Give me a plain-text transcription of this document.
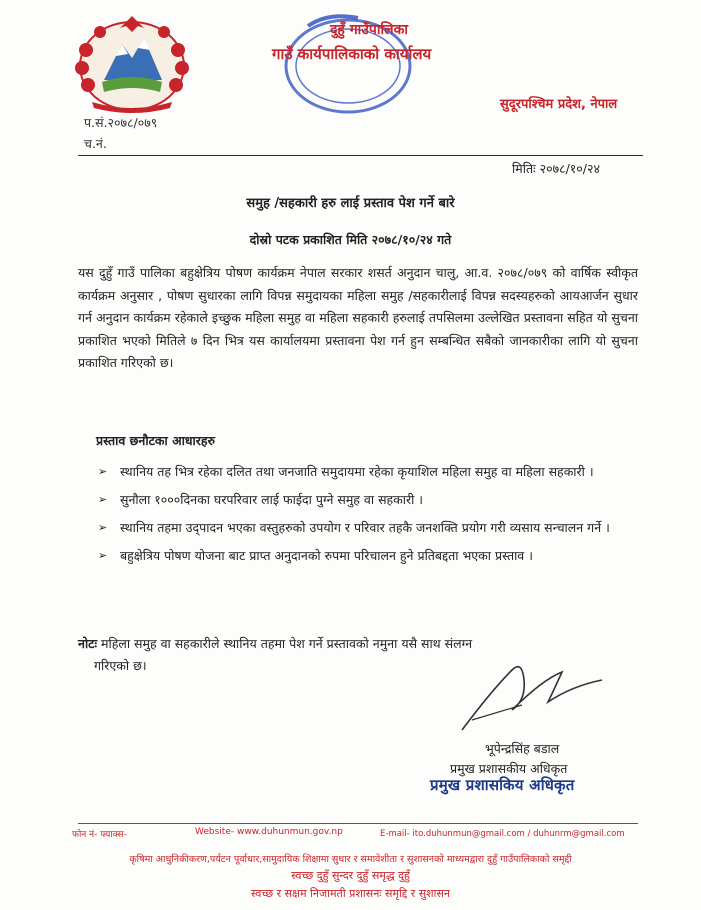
दुहुँ गाउँपालिका
गाउँ कार्यपालिकाको कार्यालय
सुदूरपश्चिम प्रदेश, नेपाल
प.सं.२०७८/०७९
च.नं.
मितिः २०७८/१०/२४
समुह /सहकारी हरु लाई प्रस्ताव पेश गर्ने बारे
दोस्रो पटक प्रकाशित मिति २०७८/१०/२४ गते
यस दुहुँ गाउँ पालिका बहुक्षेत्रिय पोषण कार्यक्रम नेपाल सरकार शसर्त अनुदान चालु, आ.व. २०७८/०७९ को वार्षिक स्वीकृत कार्यक्रम अनुसार , पोषण सुधारका लागि विपन्न समुदायका महिला समुह /सहकारीलाई विपन्न सदस्यहरुको आयआर्जन सुधार गर्न अनुदान कार्यक्रम रहेकाले इच्छुक महिला समुह वा महिला सहकारी हरुलाई तपसिलमा उल्लेखित प्रस्तावना सहित यो सुचना प्रकाशित भएको मितिले ७ दिन भित्र यस कार्यालयमा प्रस्तावना पेश गर्न हुन सम्बन्धित सबैको जानकारीका लागि यो सुचना प्रकाशित गरिएको छ।
प्रस्ताव छनौटका आधारहरु
➢ स्थानिय तह भित्र रहेका दलित तथा जनजाति समुदायमा रहेका कृयाशिल महिला समुह वा महिला सहकारी ।
➢ सुनौला १०००दिनका घरपरिवार लाई फाईदा पुग्ने समुह वा सहकारी ।
➢ स्थानिय तहमा उद्पादन भएका वस्तुहरुको उपयोग र परिवार तहकै जनशक्ति प्रयोग गरी व्यसाय सन्चालन गर्ने ।
➢ बहुक्षेत्रिय पोषण योजना बाट प्राप्त अनुदानको रुपमा परिचालन हुने प्रतिबद्दता भएका प्रस्ताव ।
नोटः महिला समुह वा सहकारीले स्थानिय तहमा पेश गर्ने प्रस्तावको नमुना यसै साथ संलग्न
गरिएको छ।
भूपेन्द्रसिंह बडाल
प्रमुख प्रशासकीय अधिकृत
प्रमुख प्रशासकिय अधिकृत
फोन नं- फ्याक्स-	Website- www.duhunmun.gov.np	E-mail- ito.duhunmun@gmail.com / duhunrm@gmail.com
कृषिमा आधुनिकीकरण,पर्यटन पूर्वाधार,सामुदायिक शिक्षामा सुधार र समावेशीता र सुशासनको माध्यमद्वारा दुहुँ गाउँपालिकाको समृद्दी
स्वच्छ दुहुँ सुन्दर दुहुँ समृद्ध दुहुँ
स्वच्छ र सक्षम निजामती प्रशासनः समृद्दि र सुशासन
